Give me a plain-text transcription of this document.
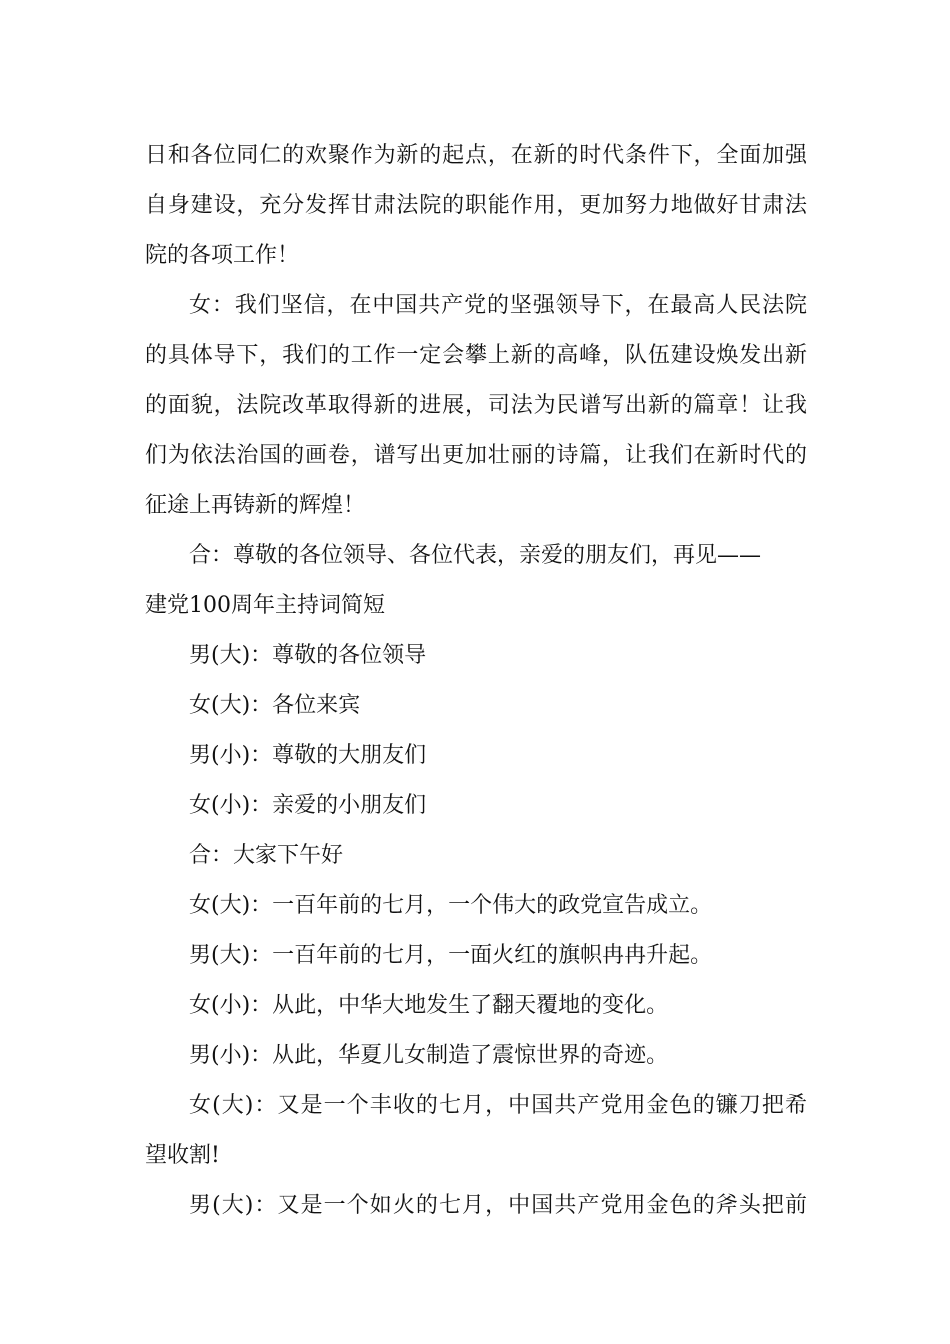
日和各位同仁的欢聚作为新的起点，在新的时代条件下，全面加强
自身建设，充分发挥甘肃法院的职能作用，更加努力地做好甘肃法
院的各项工作！
女：我们坚信，在中国共产党的坚强领导下，在最高人民法院
的具体导下，我们的工作一定会攀上新的高峰，队伍建设焕发出新
的面貌，法院改革取得新的进展，司法为民谱写出新的篇章！让我
们为依法治国的画卷，谱写出更加壮丽的诗篇，让我们在新时代的
征途上再铸新的辉煌！
合：尊敬的各位领导、各位代表，亲爱的朋友们，再见——
建党100周年主持词简短
男(大)：尊敬的各位领导
女(大)：各位来宾
男(小)：尊敬的大朋友们
女(小)：亲爱的小朋友们
合：大家下午好
女(大)：一百年前的七月，一个伟大的政党宣告成立。
男(大)：一百年前的七月，一面火红的旗帜冉冉升起。
女(小)：从此，中华大地发生了翻天覆地的变化。
男(小)：从此，华夏儿女制造了震惊世界的奇迹。
女(大)：又是一个丰收的七月，中国共产党用金色的镰刀把希
望收割!
男(大)：又是一个如火的七月，中国共产党用金色的斧头把前
